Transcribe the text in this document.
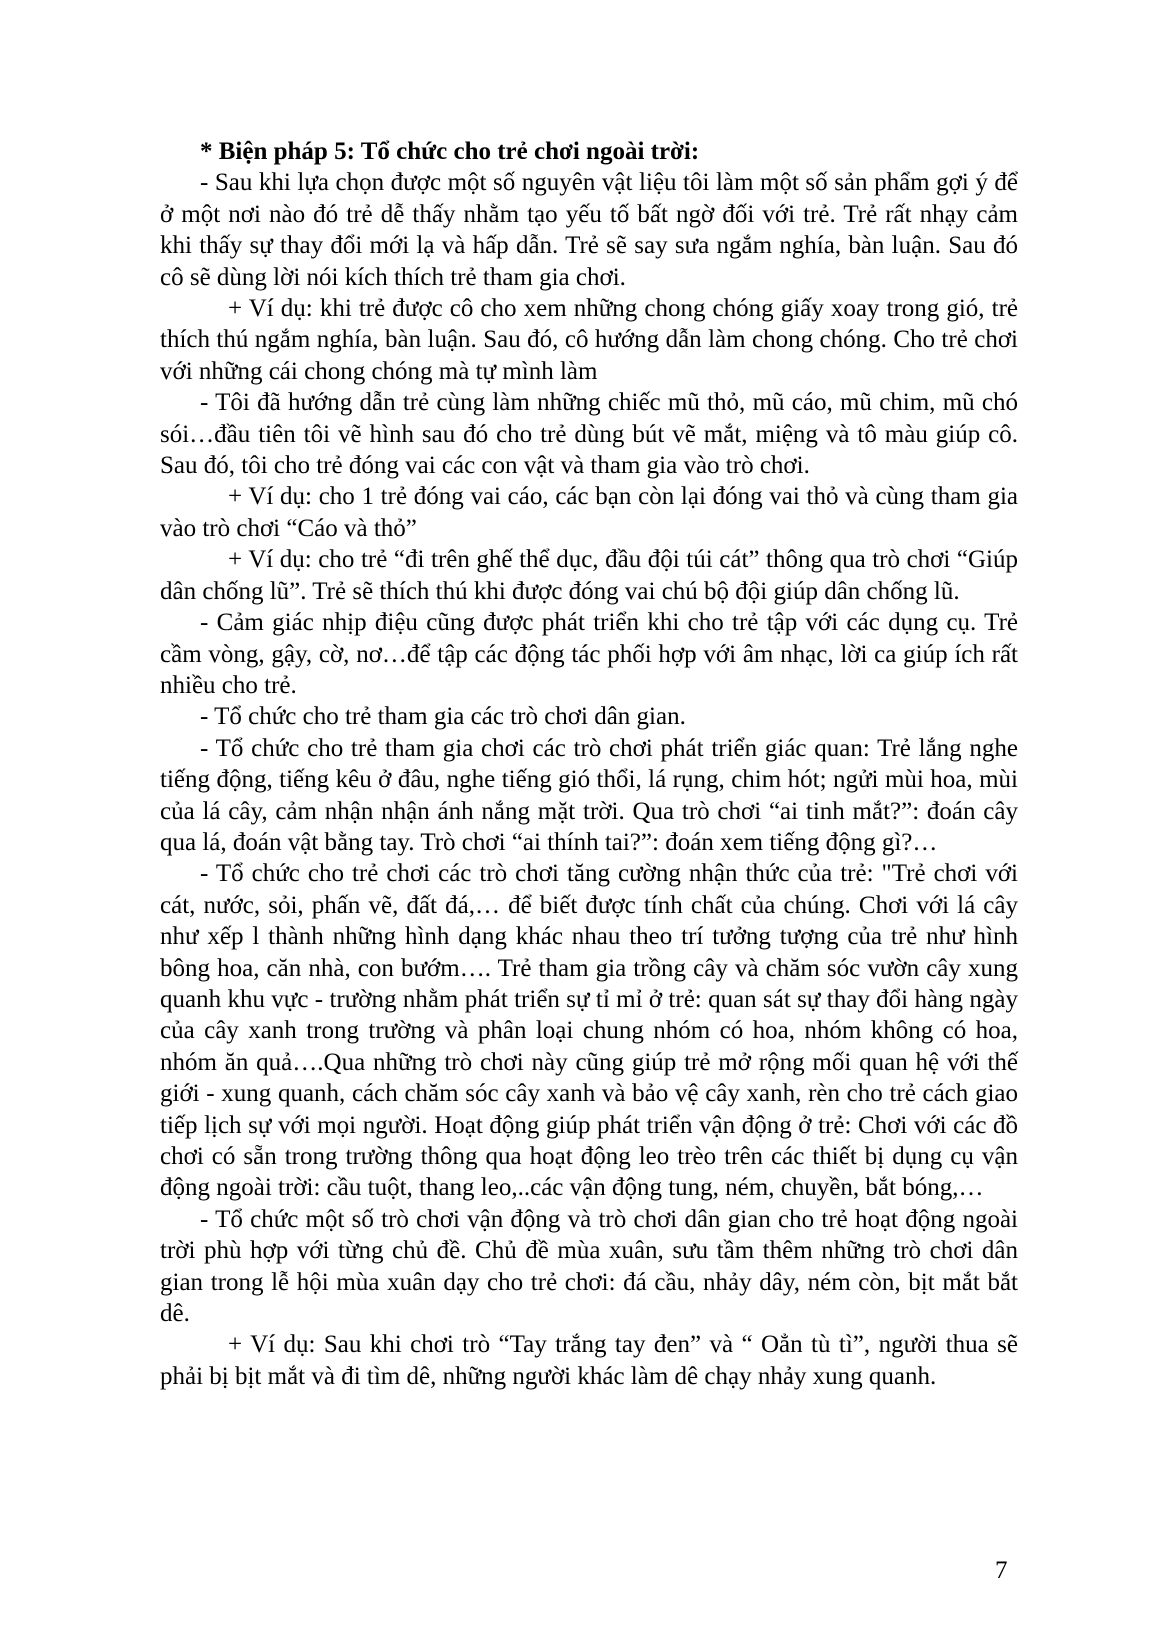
* Biện pháp 5: Tổ chức cho trẻ chơi ngoài trời:

- Sau khi lựa chọn được một số nguyên vật liệu tôi làm một số sản phẩm gợi ý để ở một nơi nào đó trẻ dễ thấy nhằm tạo yếu tố bất ngờ đối với trẻ. Trẻ rất nhạy cảm khi thấy sự thay đổi mới lạ và hấp dẫn. Trẻ sẽ say sưa ngắm nghía, bàn luận. Sau đó cô sẽ dùng lời nói kích thích trẻ tham gia chơi.

+ Ví dụ: khi trẻ được cô cho xem những chong chóng giấy xoay trong gió, trẻ thích thú ngắm nghía, bàn luận. Sau đó, cô hướng dẫn làm chong chóng. Cho trẻ chơi với những cái chong chóng mà tự mình làm

- Tôi đã hướng dẫn trẻ cùng làm những chiếc mũ thỏ, mũ cáo, mũ chim, mũ chó sói…đầu tiên tôi vẽ hình sau đó cho trẻ dùng bút vẽ mắt, miệng và tô màu giúp cô. Sau đó, tôi cho trẻ đóng vai các con vật và tham gia vào trò chơi.

+ Ví dụ: cho 1 trẻ đóng vai cáo, các bạn còn lại đóng vai thỏ và cùng tham gia vào trò chơi “Cáo và thỏ”

+ Ví dụ: cho trẻ “đi trên ghế thể dục, đầu đội túi cát” thông qua trò chơi “Giúp dân chống lũ”. Trẻ sẽ thích thú khi được đóng vai chú bộ đội giúp dân chống lũ.

- Cảm giác nhịp điệu cũng được phát triển khi cho trẻ tập với các dụng cụ. Trẻ cầm vòng, gậy, cờ, nơ…để tập các động tác phối hợp với âm nhạc, lời ca giúp ích rất nhiều cho trẻ.

- Tổ chức cho trẻ tham gia các trò chơi dân gian.

- Tổ chức cho trẻ tham gia chơi các trò chơi phát triển giác quan: Trẻ lắng nghe tiếng động, tiếng kêu ở đâu, nghe tiếng gió thổi, lá rụng, chim hót; ngửi mùi hoa, mùi của lá cây, cảm nhận nhận ánh nắng mặt trời. Qua trò chơi “ai tinh mắt?”: đoán cây qua lá, đoán vật bằng tay. Trò chơi “ai thính tai?”: đoán xem tiếng động gì?…

- Tổ chức cho trẻ chơi các trò chơi tăng cường nhận thức của trẻ: "Trẻ chơi với cát, nước, sỏi, phấn vẽ, đất đá,… để biết được tính chất của chúng. Chơi với lá cây như xếp l thành những hình dạng khác nhau theo trí tưởng tượng của trẻ như hình bông hoa, căn nhà, con bướm…. Trẻ tham gia trồng cây và chăm sóc vườn cây xung quanh khu vực - trường nhằm phát triển sự tỉ mỉ ở trẻ: quan sát sự thay đổi hàng ngày của cây xanh trong trường và phân loại chung nhóm có hoa, nhóm không có hoa, nhóm ăn quả….Qua những trò chơi này cũng giúp trẻ mở rộng mối quan hệ với thế giới - xung quanh, cách chăm sóc cây xanh và bảo vệ cây xanh, rèn cho trẻ cách giao tiếp lịch sự với mọi người. Hoạt động giúp phát triển vận động ở trẻ: Chơi với các đồ chơi có sẵn trong trường thông qua hoạt động leo trèo trên các thiết bị dụng cụ vận động ngoài trời: cầu tuột, thang leo,..các vận động tung, ném, chuyền, bắt bóng,…

- Tổ chức một số trò chơi vận động và trò chơi dân gian cho trẻ hoạt động ngoài trời phù hợp với từng chủ đề. Chủ đề mùa xuân, sưu tầm thêm những trò chơi dân gian trong lễ hội mùa xuân dạy cho trẻ chơi: đá cầu, nhảy dây, ném còn, bịt mắt bắt dê.

+ Ví dụ: Sau khi chơi trò “Tay trắng tay đen” và “ Oẳn tù tì”, người thua sẽ phải bị bịt mắt và đi tìm dê, những người khác làm dê chạy nhảy xung quanh.

7
